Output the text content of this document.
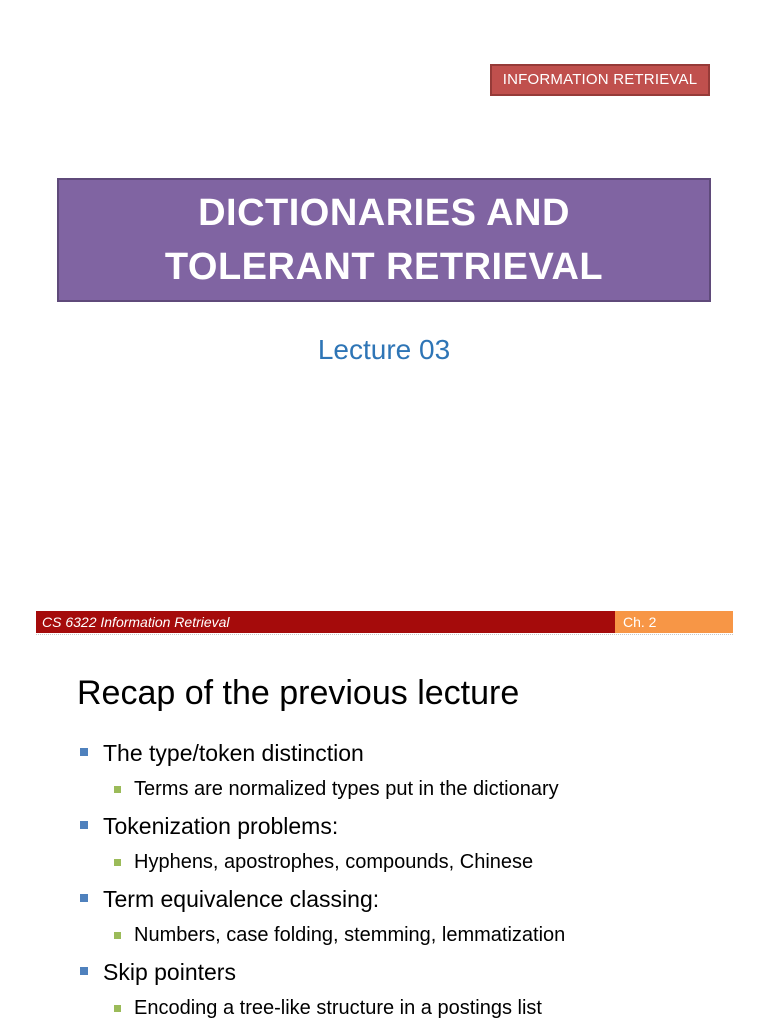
INFORMATION RETRIEVAL
DICTIONARIES AND
TOLERANT RETRIEVAL
Lecture 03
CS 6322 Information Retrieval	Ch. 2
Recap of the previous lecture
The type/token distinction
Terms are normalized types put in the dictionary
Tokenization problems:
Hyphens, apostrophes, compounds, Chinese
Term equivalence classing:
Numbers, case folding, stemming, lemmatization
Skip pointers
Encoding a tree-like structure in a postings list
